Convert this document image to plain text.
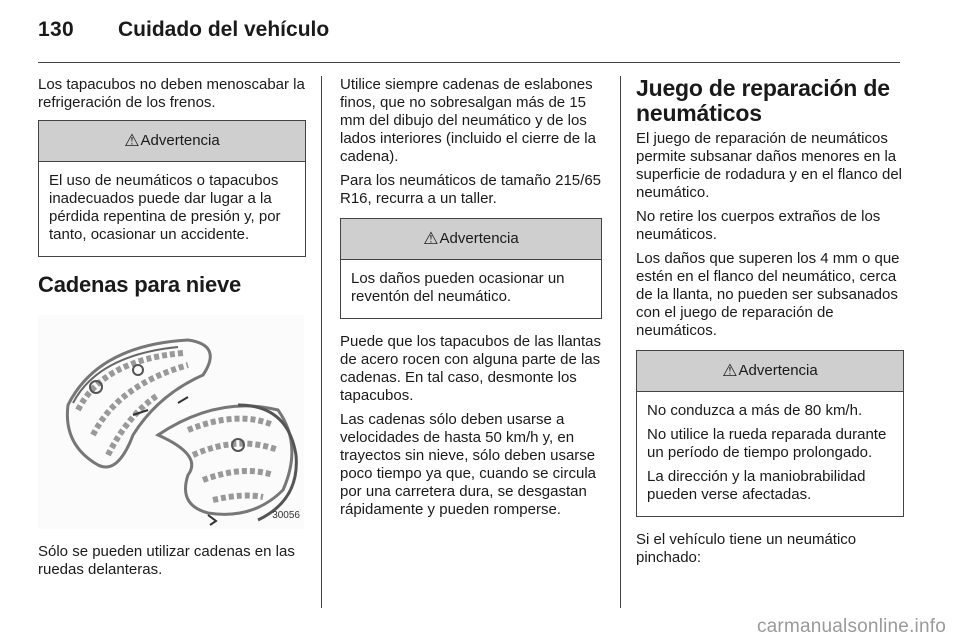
130 Cuidado del vehículo

Los tapacubos no deben menoscabar la refrigeración de los frenos.

⚠ Advertencia

El uso de neumáticos o tapacubos inadecuados puede dar lugar a la pérdida repentina de presión y, por tanto, ocasionar un accidente.

Cadenas para nieve
30056

Sólo se pueden utilizar cadenas en las ruedas delanteras.

Utilice siempre cadenas de eslabones finos, que no sobresalgan más de 15 mm del dibujo del neumático y de los lados interiores (incluido el cierre de la cadena).

Para los neumáticos de tamaño 215/65 R16, recurra a un taller.

⚠ Advertencia

Los daños pueden ocasionar un reventón del neumático.

Puede que los tapacubos de las llantas de acero rocen con alguna parte de las cadenas. En tal caso, desmonte los tapacubos.

Las cadenas sólo deben usarse a velocidades de hasta 50 km/h y, en trayectos sin nieve, sólo deben usarse poco tiempo ya que, cuando se circula por una carretera dura, se desgastan rápidamente y pueden romperse.

Juego de reparación de neumáticos

El juego de reparación de neumáticos permite subsanar daños menores en la superficie de rodadura y en el flanco del neumático.

No retire los cuerpos extraños de los neumáticos.

Los daños que superen los 4 mm o que estén en el flanco del neumático, cerca de la llanta, no pueden ser subsanados con el juego de reparación de neumáticos.

⚠ Advertencia

No conduzca a más de 80 km/h.

No utilice la rueda reparada durante un período de tiempo prolongado.

La dirección y la maniobrabilidad pueden verse afectadas.

Si el vehículo tiene un neumático pinchado:

carmanualsonline.info
